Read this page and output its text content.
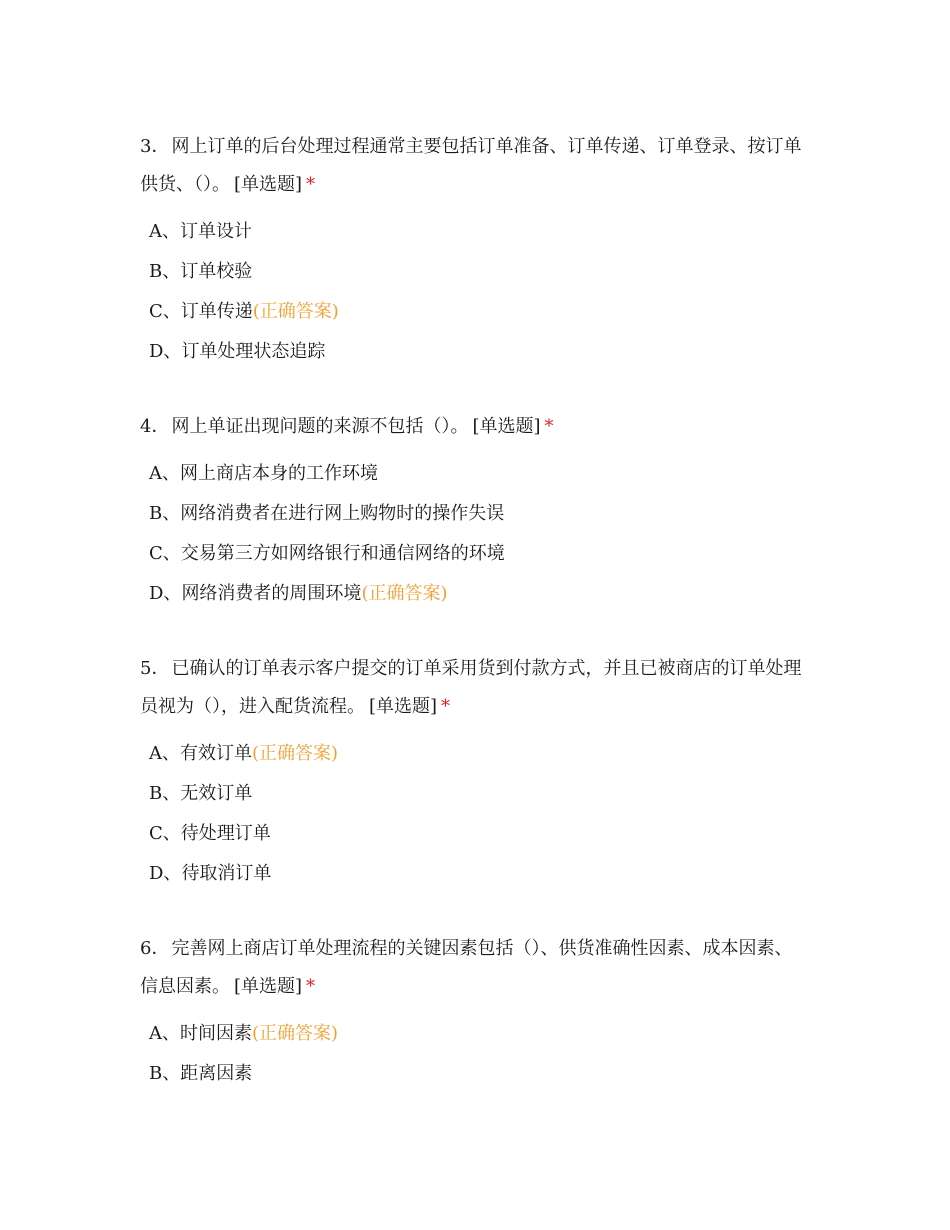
3． 网上订单的后台处理过程通常主要包括订单准备、订单传递、订单登录、按订单供货、（）。 [单选题] *

A、订单设计
B、订单校验
C、订单传递(正确答案)
D、订单处理状态追踪

4． 网上单证出现问题的来源不包括（）。 [单选题] *

A、网上商店本身的工作环境
B、网络消费者在进行网上购物时的操作失误
C、交易第三方如网络银行和通信网络的环境
D、网络消费者的周围环境(正确答案)

5． 已确认的订单表示客户提交的订单采用货到付款方式，并且已被商店的订单处理员视为（），进入配货流程。 [单选题] *

A、有效订单(正确答案)
B、无效订单
C、待处理订单
D、待取消订单

6． 完善网上商店订单处理流程的关键因素包括（）、供货准确性因素、成本因素、信息因素。 [单选题] *

A、时间因素(正确答案)
B、距离因素
